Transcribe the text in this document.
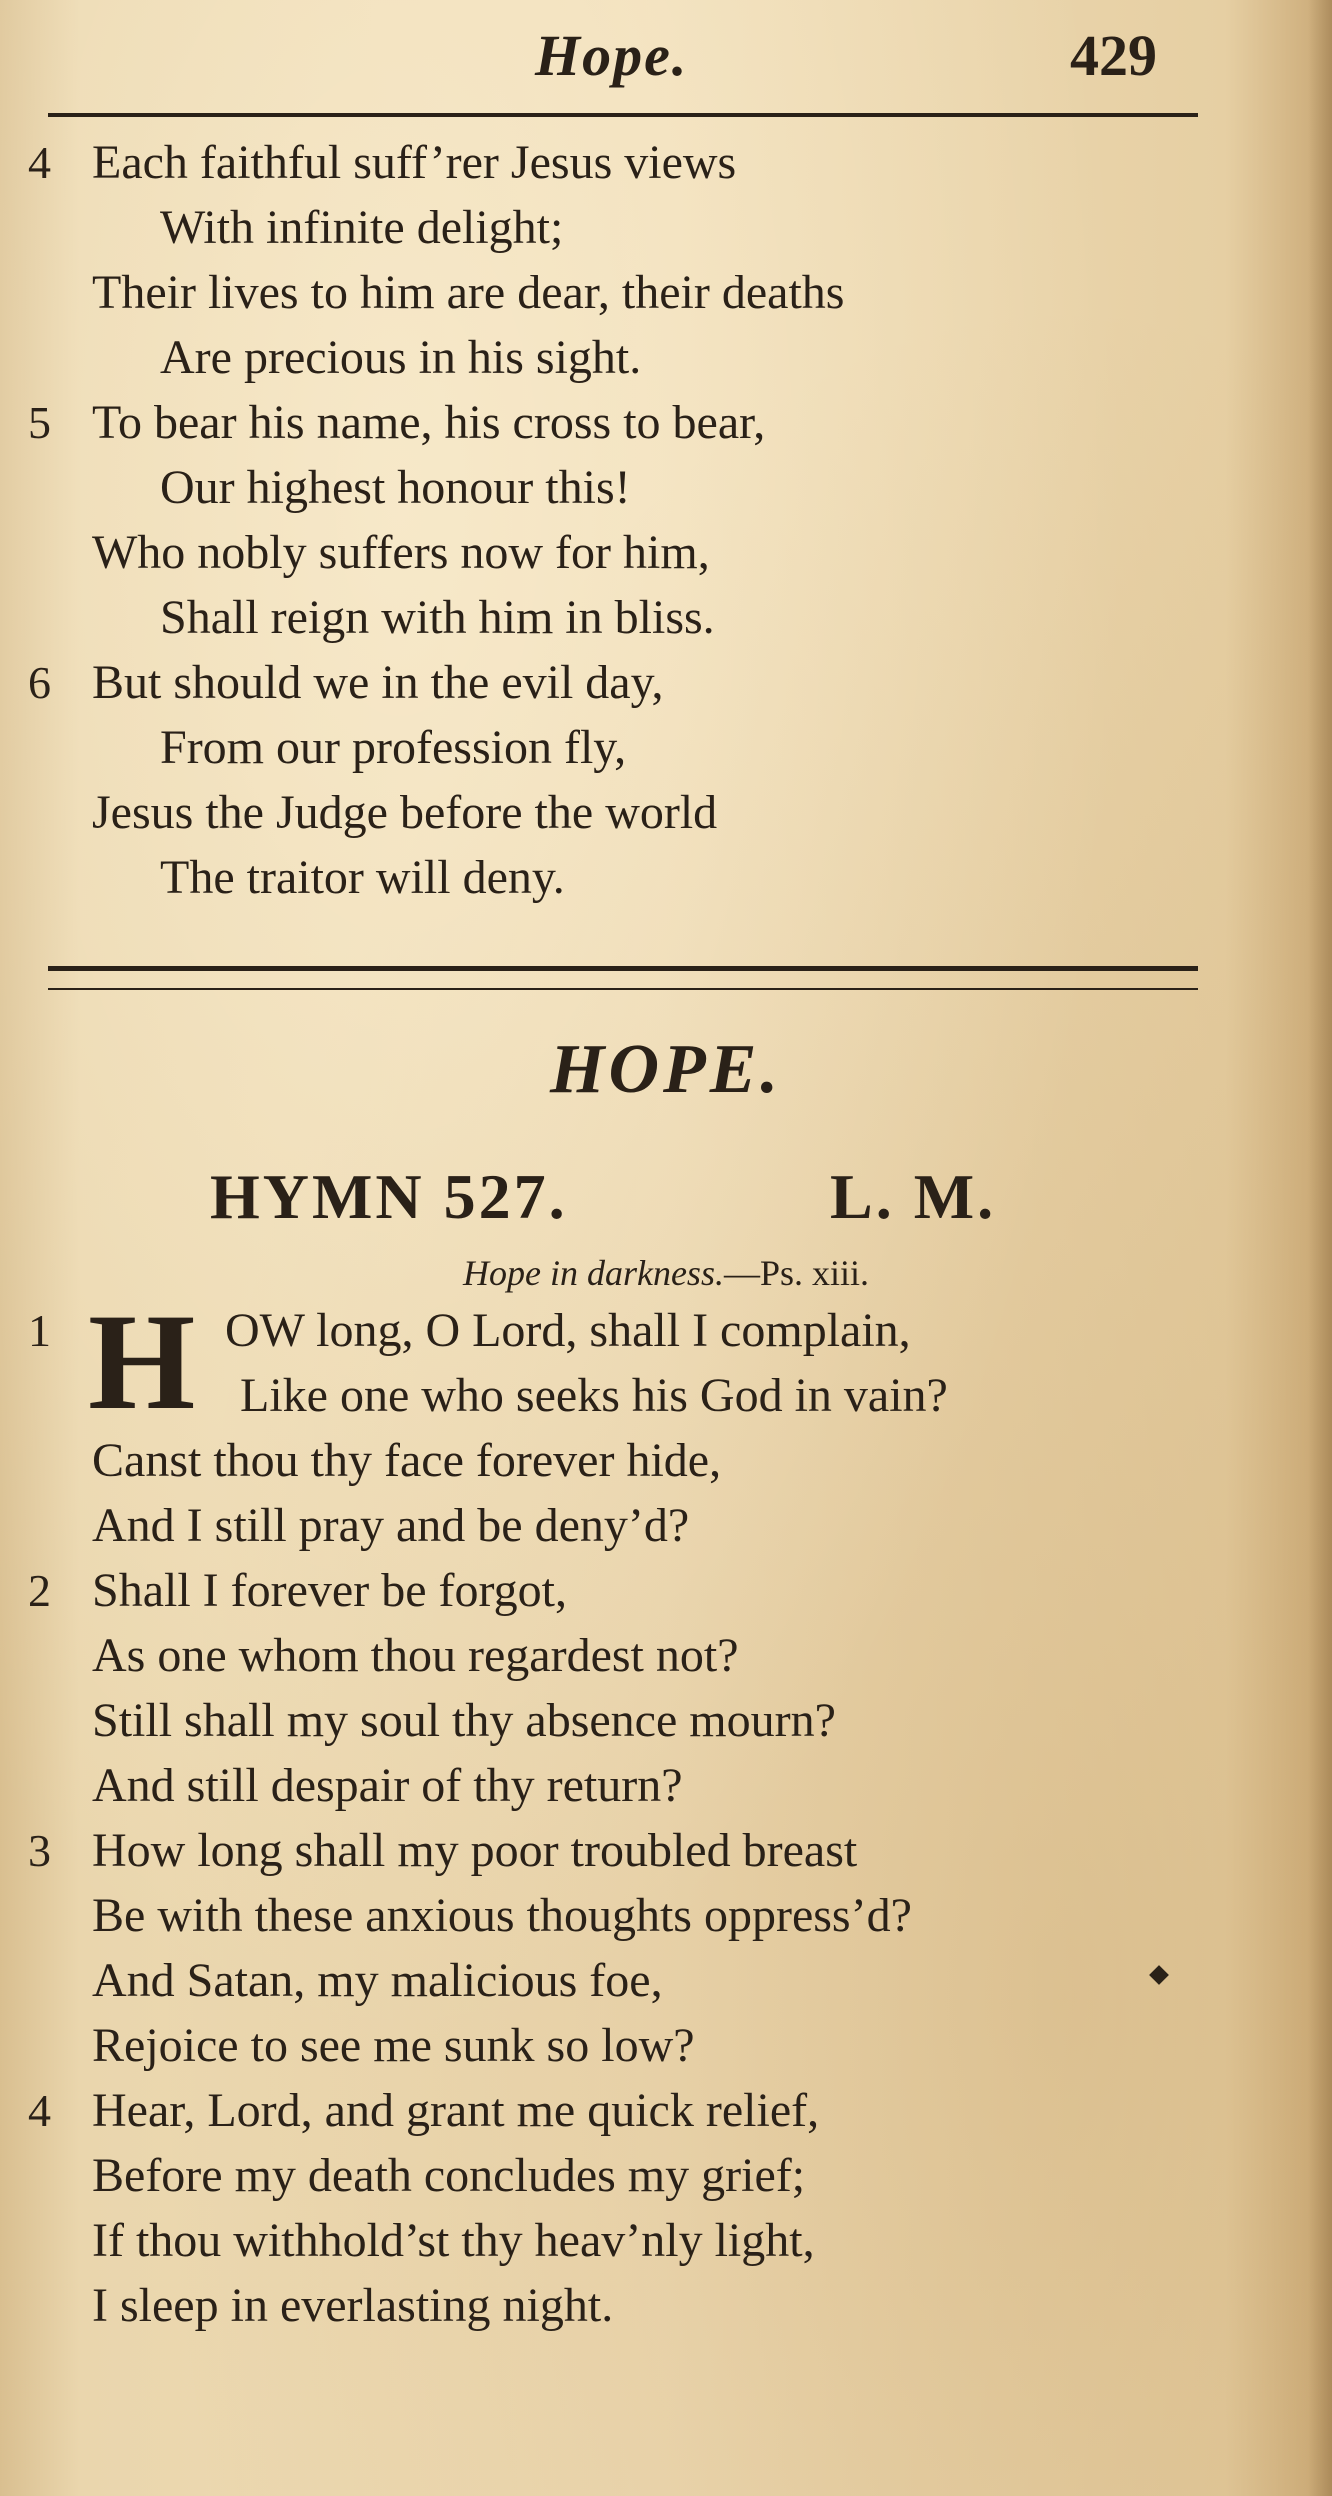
Hope.	429
4 Each faithful suff’rer Jesus views
With infinite delight;
Their lives to him are dear, their deaths
Are precious in his sight.
5 To bear his name, his cross to bear,
Our highest honour this!
Who nobly suffers now for him,
Shall reign with him in bliss.
6 But should we in the evil day,
From our profession fly,
Jesus the Judge before the world
The traitor will deny.
HOPE.
HYMN 527.	L. M.
Hope in darkness.—Ps. xiii.
1 H OW long, O Lord, shall I complain,
Like one who seeks his God in vain?
Canst thou thy face forever hide,
And I still pray and be deny’d?
2 Shall I forever be forgot,
As one whom thou regardest not?
Still shall my soul thy absence mourn?
And still despair of thy return?
3 How long shall my poor troubled breast
Be with these anxious thoughts oppress’d?
And Satan, my malicious foe,
Rejoice to see me sunk so low?
4 Hear, Lord, and grant me quick relief,
Before my death concludes my grief;
If thou withhold’st thy heav’nly light,
I sleep in everlasting night.
